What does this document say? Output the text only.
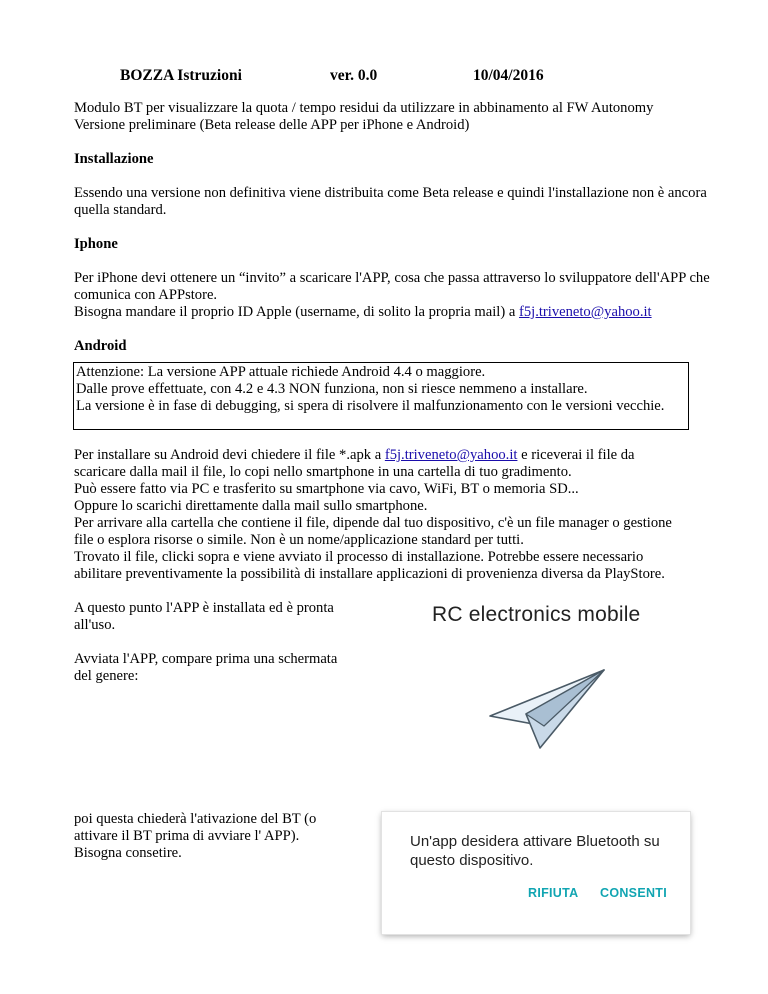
BOZZA Istruzioni	ver. 0.0	10/04/2016
Modulo BT per visualizzare la quota / tempo residui da utilizzare in abbinamento al FW Autonomy
Versione preliminare (Beta release delle APP per iPhone e Android)
Installazione
Essendo una versione non definitiva viene distribuita come Beta release e quindi l'installazione non è ancora quella standard.
Iphone
Per iPhone devi ottenere un “invito” a scaricare l'APP, cosa che passa attraverso lo sviluppatore dell'APP che comunica con APPstore.
Bisogna mandare il proprio ID Apple (username, di solito la propria mail) a f5j.triveneto@yahoo.it
Android
Attenzione: La versione APP attuale richiede Android 4.4 o maggiore.
Dalle prove effettuate, con 4.2 e 4.3 NON funziona, non si riesce nemmeno a installare.
La versione è in fase di debugging, si spera di risolvere il malfunzionamento con le versioni vecchie.
Per installare su Android devi chiedere il file *.apk a f5j.triveneto@yahoo.it e riceverai il file da scaricare dalla mail il file, lo copi nello smartphone in una cartella di tuo gradimento.
Può essere fatto via PC e trasferito su smartphone via cavo, WiFi, BT o memoria SD...
Oppure lo scarichi direttamente dalla mail sullo smartphone.
Per arrivare alla cartella che contiene il file, dipende dal tuo dispositivo, c'è un file manager o gestione file o esplora risorse o simile. Non è un nome/applicazione standard per tutti.
Trovato il file, clicki sopra e viene avviato il processo di installazione. Potrebbe essere necessario abilitare preventivamente la possibilità di installare applicazioni di provenienza diversa da PlayStore.
A questo punto l'APP è installata ed è pronta all'uso.
Avviata l'APP, compare prima una schermata del genere:
poi questa chiederà l'ativazione del BT (o attivare il BT prima di avviare l' APP). Bisogna consetire.
RC electronics mobile
Un'app desidera attivare Bluetooth su questo dispositivo.
RIFIUTA CONSENTI
